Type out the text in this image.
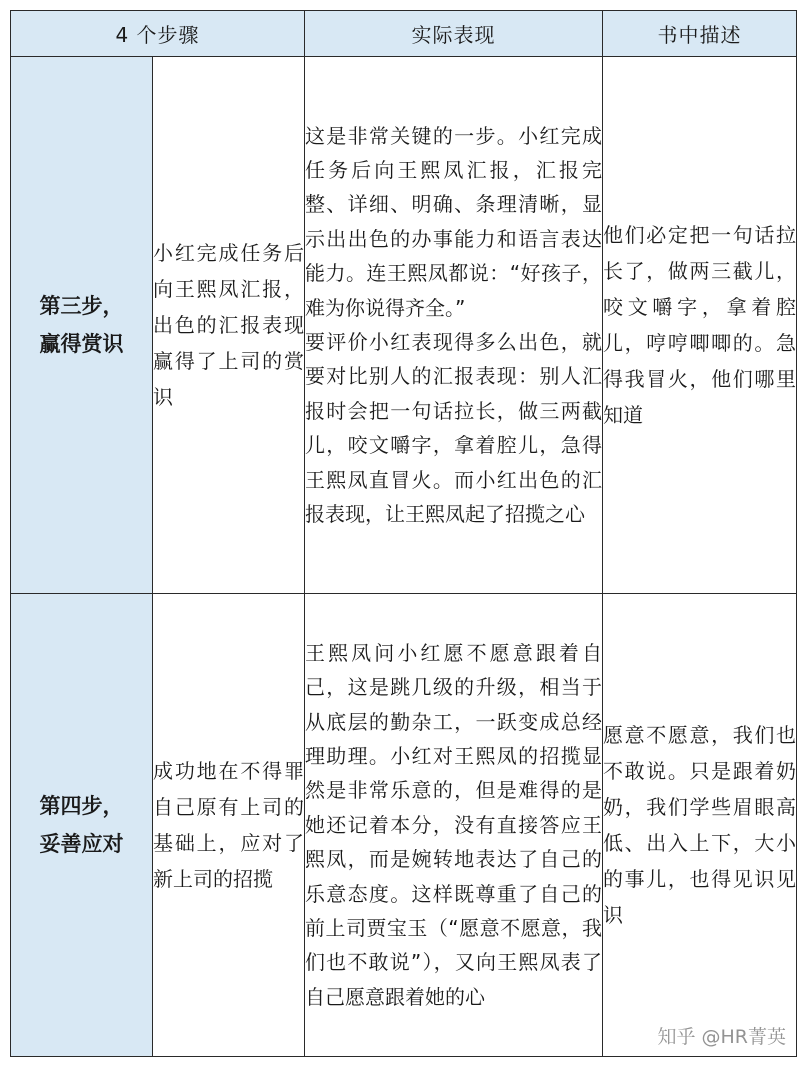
4 个步骤		实际表现	书中描述
第三步，
赢得赏识	小红完成任务后向王熙凤汇报，出色的汇报表现赢得了上司的赏识	这是非常关键的一步。小红完成任务后向王熙凤汇报，汇报完整、详细、明确、条理清晰，显示出出色的办事能力和语言表达能力。连王熙凤都说：“好孩子，难为你说得齐全。”
要评价小红表现得多么出色，就要对比别人的汇报表现：别人汇报时会把一句话拉长，做三两截儿，咬文嚼字，拿着腔儿，急得王熙凤直冒火。而小红出色的汇报表现，让王熙凤起了招揽之心	他们必定把一句话拉长了，做两三截儿，咬文嚼字，拿着腔儿，哼哼唧唧的。急得我冒火，他们哪里知道

第四步，
妥善应对	成功地在不得罪自己原有上司的基础上，应对了新上司的招揽	王熙凤问小红愿不愿意跟着自己，这是跳几级的升级，相当于从底层的勤杂工，一跃变成总经理助理。小红对王熙凤的招揽显然是非常乐意的，但是难得的是她还记着本分，没有直接答应王熙凤，而是婉转地表达了自己的乐意态度。这样既尊重了自己的前上司贾宝玉（“愿意不愿意，我们也不敢说”），又向王熙凤表了自己愿意跟着她的心	愿意不愿意，我们也不敢说。只是跟着奶奶，我们学些眉眼高低、出入上下，大小的事儿，也得见识见识

知乎 @HR菁英
